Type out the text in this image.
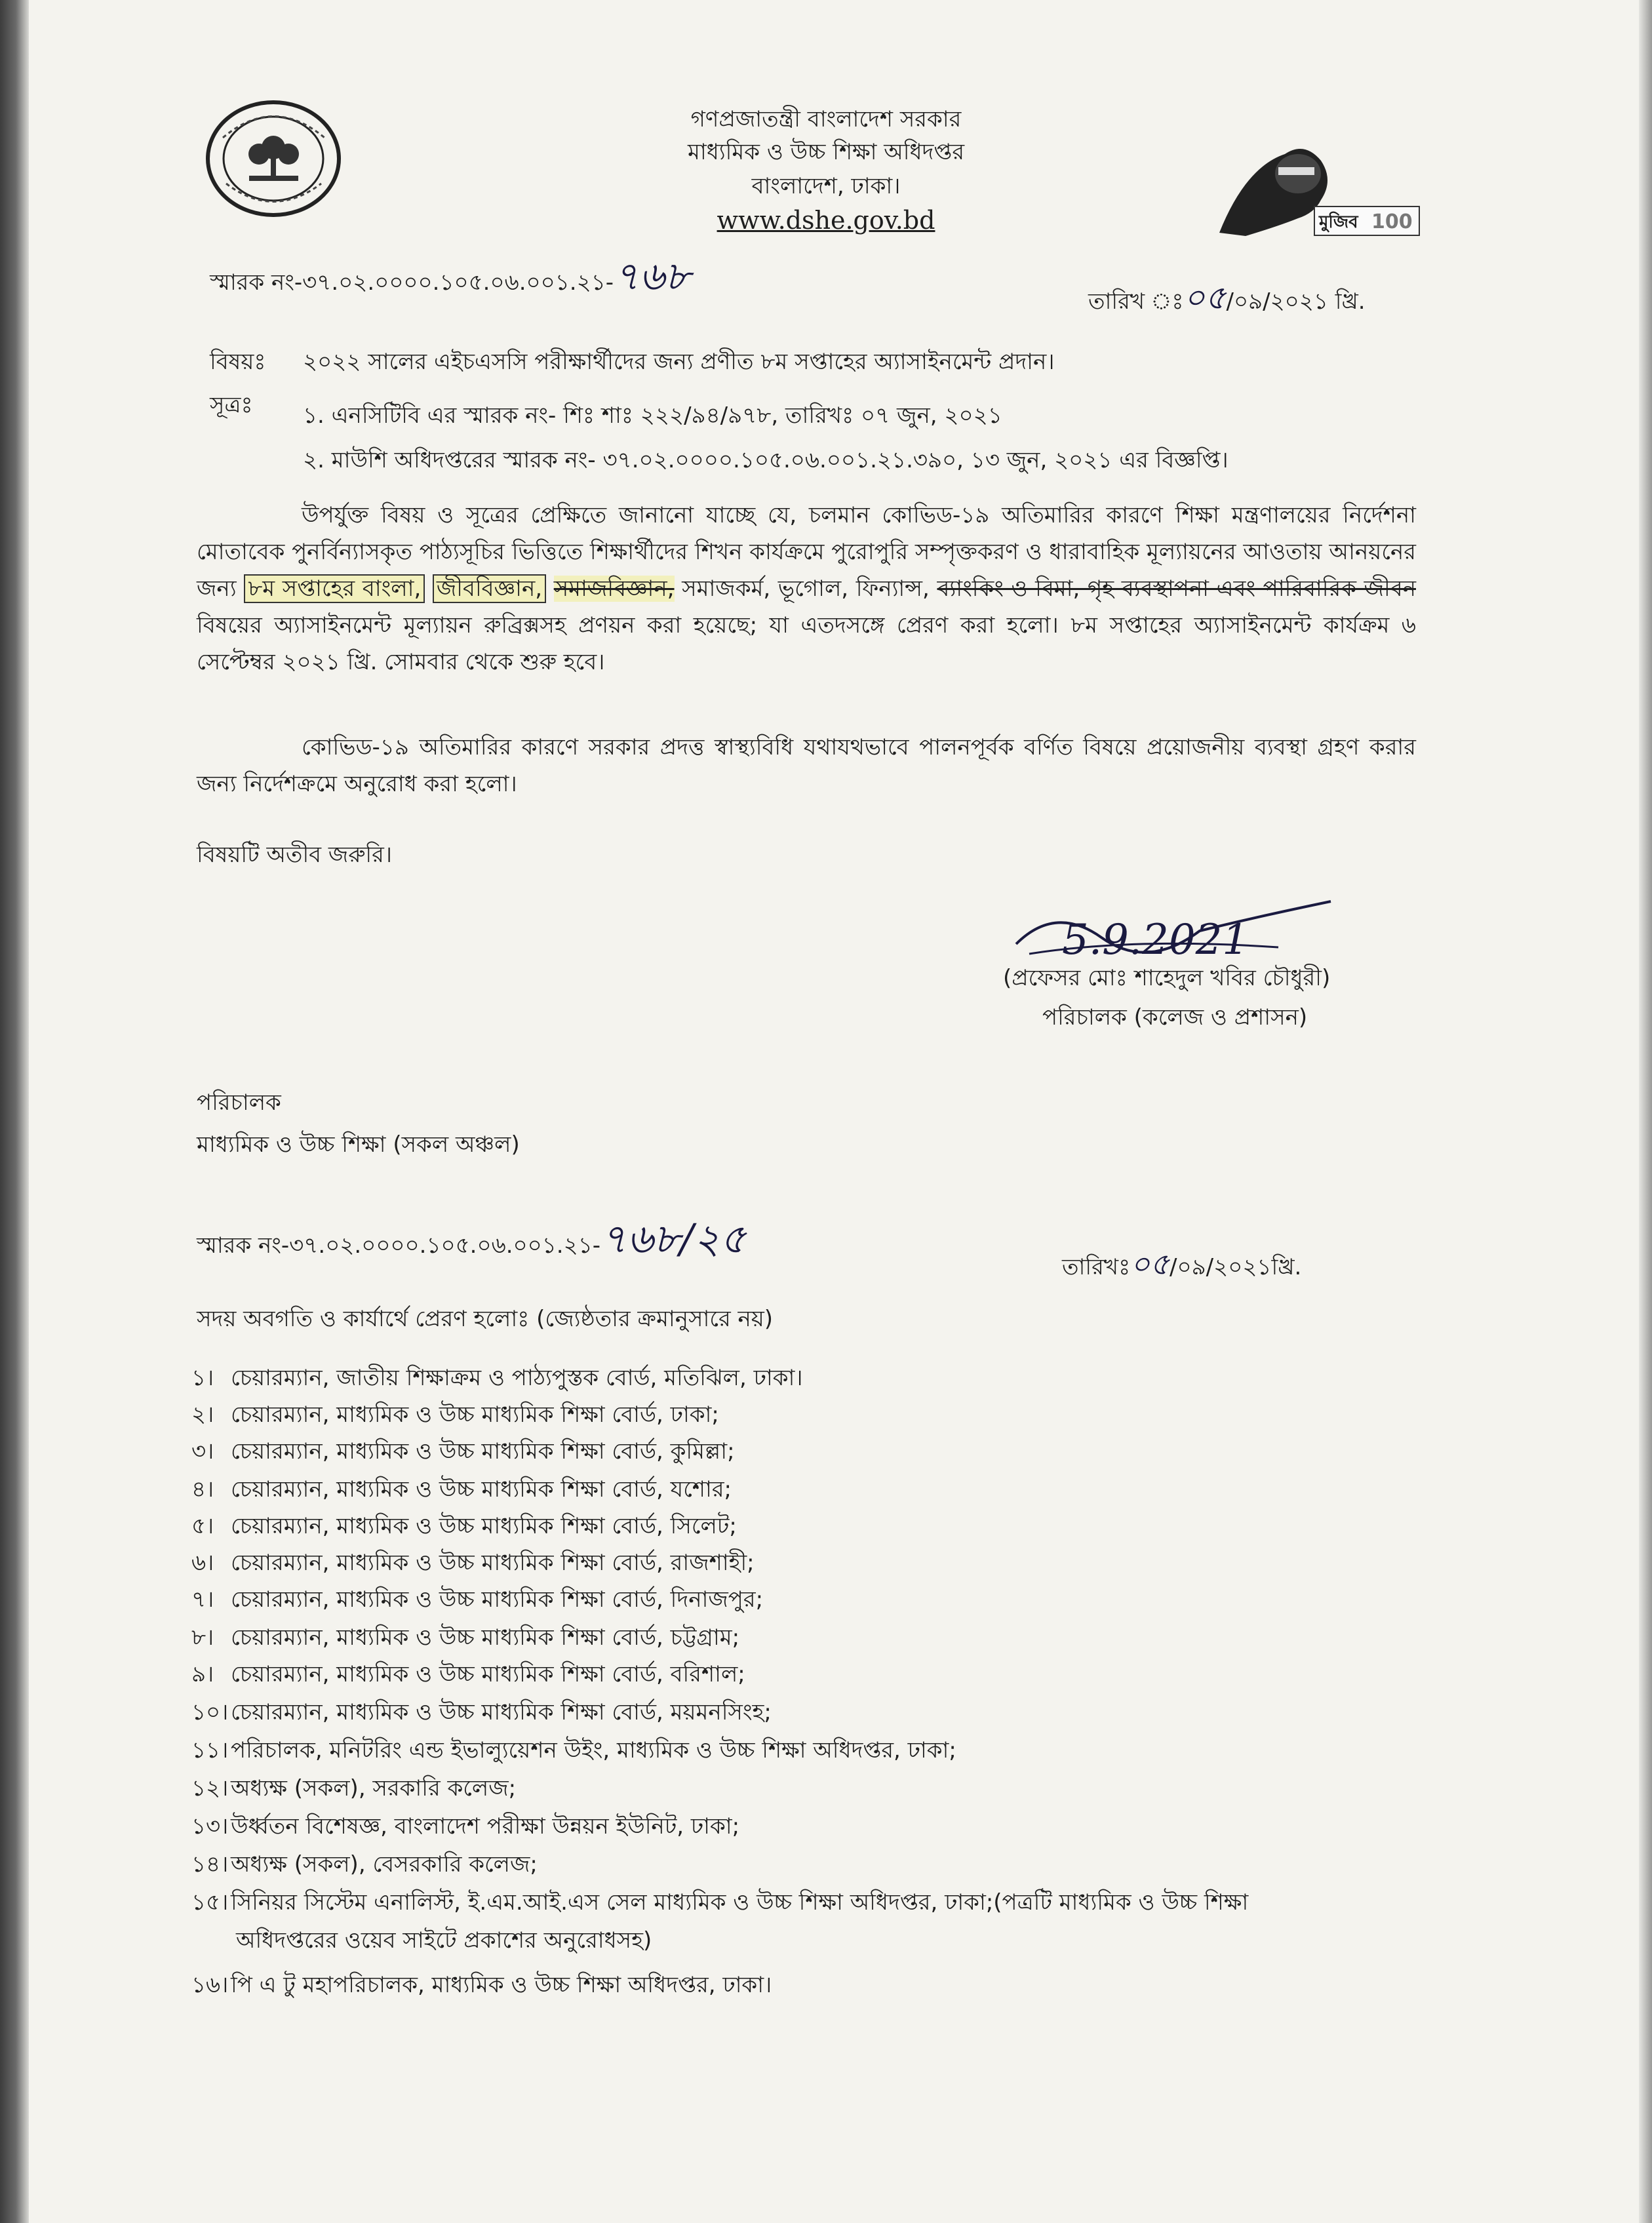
গণপ্রজাতন্ত্রী বাংলাদেশ সরকার
মাধ্যমিক ও উচ্চ শিক্ষা অধিদপ্তর
বাংলাদেশ, ঢাকা।
www.dshe.gov.bd	মুজিব 100
স্মারক নং-৩৭.০২.০০০০.১০৫.০৬.০০১.২১-৭৬৮
তারিখ ঃ০৫/০৯/২০২১ খ্রি.
বিষয়ঃ ২০২২ সালের এইচএসসি পরীক্ষার্থীদের জন্য প্রণীত ৮ম সপ্তাহের অ্যাসাইনমেন্ট প্রদান।
সূত্রঃ ১. এনসিটিবি এর স্মারক নং- শিঃ শাঃ ২২২/৯৪/৯৭৮, তারিখঃ ০৭ জুন, ২০২১
২. মাউশি অধিদপ্তরের স্মারক নং- ৩৭.০২.০০০০.১০৫.০৬.০০১.২১.৩৯০, ১৩ জুন, ২০২১ এর বিজ্ঞপ্তি।
উপর্যুক্ত বিষয় ও সূত্রের প্রেক্ষিতে জানানো যাচ্ছে যে, চলমান কোভিড-১৯ অতিমারির কারণে শিক্ষা মন্ত্রণালয়ের নির্দেশনা মোতাবেক পুনর্বিন্যাসকৃত পাঠ্যসূচির ভিত্তিতে শিক্ষার্থীদের শিখন কার্যক্রমে পুরোপুরি সম্পৃক্তকরণ ও ধারাবাহিক মূল্যায়নের আওতায় আনয়নের জন্য ৮ম সপ্তাহের বাংলা, জীববিজ্ঞান, সমাজবিজ্ঞান, সমাজকর্ম, ভূগোল, ফিন্যান্স, ব্যাংকিং ও বিমা, গৃহ ব্যবস্থাপনা এবং পারিবারিক জীবন বিষয়ের অ্যাসাইনমেন্ট মূল্যায়ন রুব্রিক্সসহ প্রণয়ন করা হয়েছে; যা এতদসঙ্গে প্রেরণ করা হলো। ৮ম সপ্তাহের অ্যাসাইনমেন্ট কার্যক্রম ৬ সেপ্টেম্বর ২০২১ খ্রি. সোমবার থেকে শুরু হবে।
কোভিড-১৯ অতিমারির কারণে সরকার প্রদত্ত স্বাস্থ্যবিধি যথাযথভাবে পালনপূর্বক বর্ণিত বিষয়ে প্রয়োজনীয় ব্যবস্থা গ্রহণ করার জন্য নির্দেশক্রমে অনুরোধ করা হলো।
বিষয়টি অতীব জরুরি।
5.9.2021
(প্রফেসর মোঃ শাহেদুল খবির চৌধুরী)
পরিচালক (কলেজ ও প্রশাসন)
পরিচালক
মাধ্যমিক ও উচ্চ শিক্ষা (সকল অঞ্চল)
স্মারক নং-৩৭.০২.০০০০.১০৫.০৬.০০১.২১-৭৬৮/২৫
তারিখঃ০৫/০৯/২০২১খ্রি.
সদয় অবগতি ও কার্যার্থে প্রেরণ হলোঃ (জ্যেষ্ঠতার ক্রমানুসারে নয়)
১। চেয়ারম্যান, জাতীয় শিক্ষাক্রম ও পাঠ্যপুস্তক বোর্ড, মতিঝিল, ঢাকা।
২। চেয়ারম্যান, মাধ্যমিক ও উচ্চ মাধ্যমিক শিক্ষা বোর্ড, ঢাকা;
৩। চেয়ারম্যান, মাধ্যমিক ও উচ্চ মাধ্যমিক শিক্ষা বোর্ড, কুমিল্লা;
৪। চেয়ারম্যান, মাধ্যমিক ও উচ্চ মাধ্যমিক শিক্ষা বোর্ড, যশোর;
৫। চেয়ারম্যান, মাধ্যমিক ও উচ্চ মাধ্যমিক শিক্ষা বোর্ড, সিলেট;
৬। চেয়ারম্যান, মাধ্যমিক ও উচ্চ মাধ্যমিক শিক্ষা বোর্ড, রাজশাহী;
৭। চেয়ারম্যান, মাধ্যমিক ও উচ্চ মাধ্যমিক শিক্ষা বোর্ড, দিনাজপুর;
৮। চেয়ারম্যান, মাধ্যমিক ও উচ্চ মাধ্যমিক শিক্ষা বোর্ড, চট্টগ্রাম;
৯। চেয়ারম্যান, মাধ্যমিক ও উচ্চ মাধ্যমিক শিক্ষা বোর্ড, বরিশাল;
১০। চেয়ারম্যান, মাধ্যমিক ও উচ্চ মাধ্যমিক শিক্ষা বোর্ড, ময়মনসিংহ;
১১। পরিচালক, মনিটরিং এন্ড ইভাল্যুয়েশন উইং, মাধ্যমিক ও উচ্চ শিক্ষা অধিদপ্তর, ঢাকা;
১২। অধ্যক্ষ (সকল), সরকারি কলেজ;
১৩। উর্ধ্বতন বিশেষজ্ঞ, বাংলাদেশ পরীক্ষা উন্নয়ন ইউনিট, ঢাকা;
১৪। অধ্যক্ষ (সকল), বেসরকারি কলেজ;
১৫। সিনিয়র সিস্টেম এনালিস্ট, ই.এম.আই.এস সেল মাধ্যমিক ও উচ্চ শিক্ষা অধিদপ্তর, ঢাকা;(পত্রটি মাধ্যমিক ও উচ্চ শিক্ষা
অধিদপ্তরের ওয়েব সাইটে প্রকাশের অনুরোধসহ)
১৬। পি এ টু মহাপরিচালক, মাধ্যমিক ও উচ্চ শিক্ষা অধিদপ্তর, ঢাকা।
